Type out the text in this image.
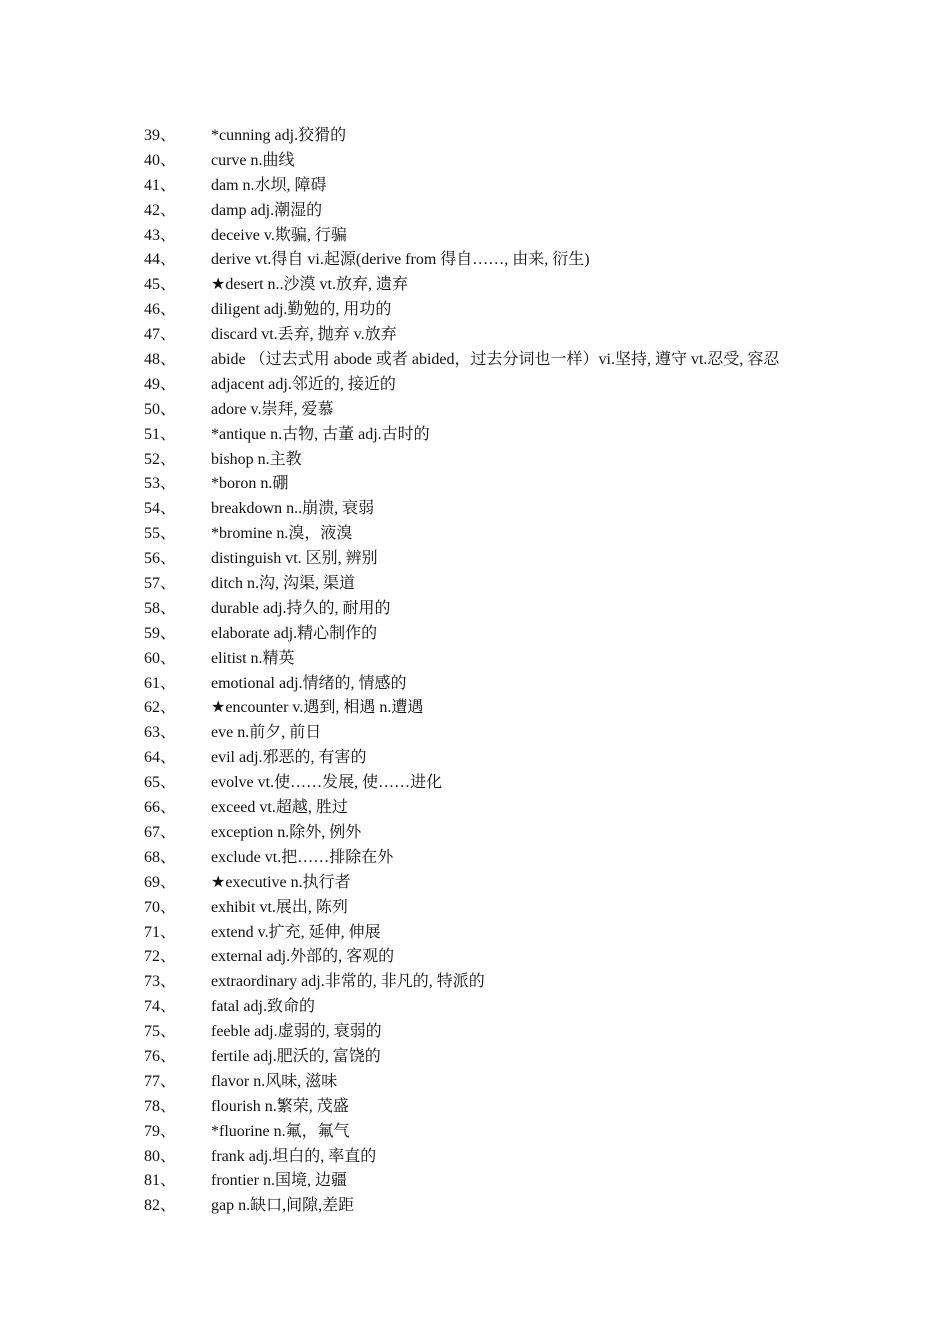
39、 *cunning adj.狡猾的
40、 curve n.曲线
41、 dam n.水坝, 障碍
42、 damp adj.潮湿的
43、 deceive v.欺骗, 行骗
44、 derive vt.得自 vi.起源(derive from 得自……, 由来, 衍生)
45、 ★desert n..沙漠 vt.放弃, 遗弃
46、 diligent adj.勤勉的, 用功的
47、 discard vt.丢弃, 抛弃 v.放弃
48、 abide （过去式用 abode 或者 abided，过去分词也一样）vi.坚持, 遵守 vt.忍受, 容忍
49、 adjacent adj.邻近的, 接近的
50、 adore v.崇拜, 爱慕
51、 *antique n.古物, 古董 adj.古时的
52、 bishop n.主教
53、 *boron n.硼
54、 breakdown n..崩溃, 衰弱
55、 *bromine n.溴，液溴
56、 distinguish vt. 区别, 辨别
57、 ditch n.沟, 沟渠, 渠道
58、 durable adj.持久的, 耐用的
59、 elaborate adj.精心制作的
60、 elitist n.精英
61、 emotional adj.情绪的, 情感的
62、 ★encounter v.遇到, 相遇 n.遭遇
63、 eve n.前夕, 前日
64、 evil adj.邪恶的, 有害的
65、 evolve vt.使……发展, 使……进化
66、 exceed vt.超越, 胜过
67、 exception n.除外, 例外
68、 exclude vt.把……排除在外
69、 ★executive n.执行者
70、 exhibit vt.展出, 陈列
71、 extend v.扩充, 延伸, 伸展
72、 external adj.外部的, 客观的
73、 extraordinary adj.非常的, 非凡的, 特派的
74、 fatal adj.致命的
75、 feeble adj.虚弱的, 衰弱的
76、 fertile adj.肥沃的, 富饶的
77、 flavor n.风味, 滋味
78、 flourish n.繁荣, 茂盛
79、 *fluorine n.氟，氟气
80、 frank adj.坦白的, 率直的
81、 frontier n.国境, 边疆
82、 gap n.缺口,间隙,差距
